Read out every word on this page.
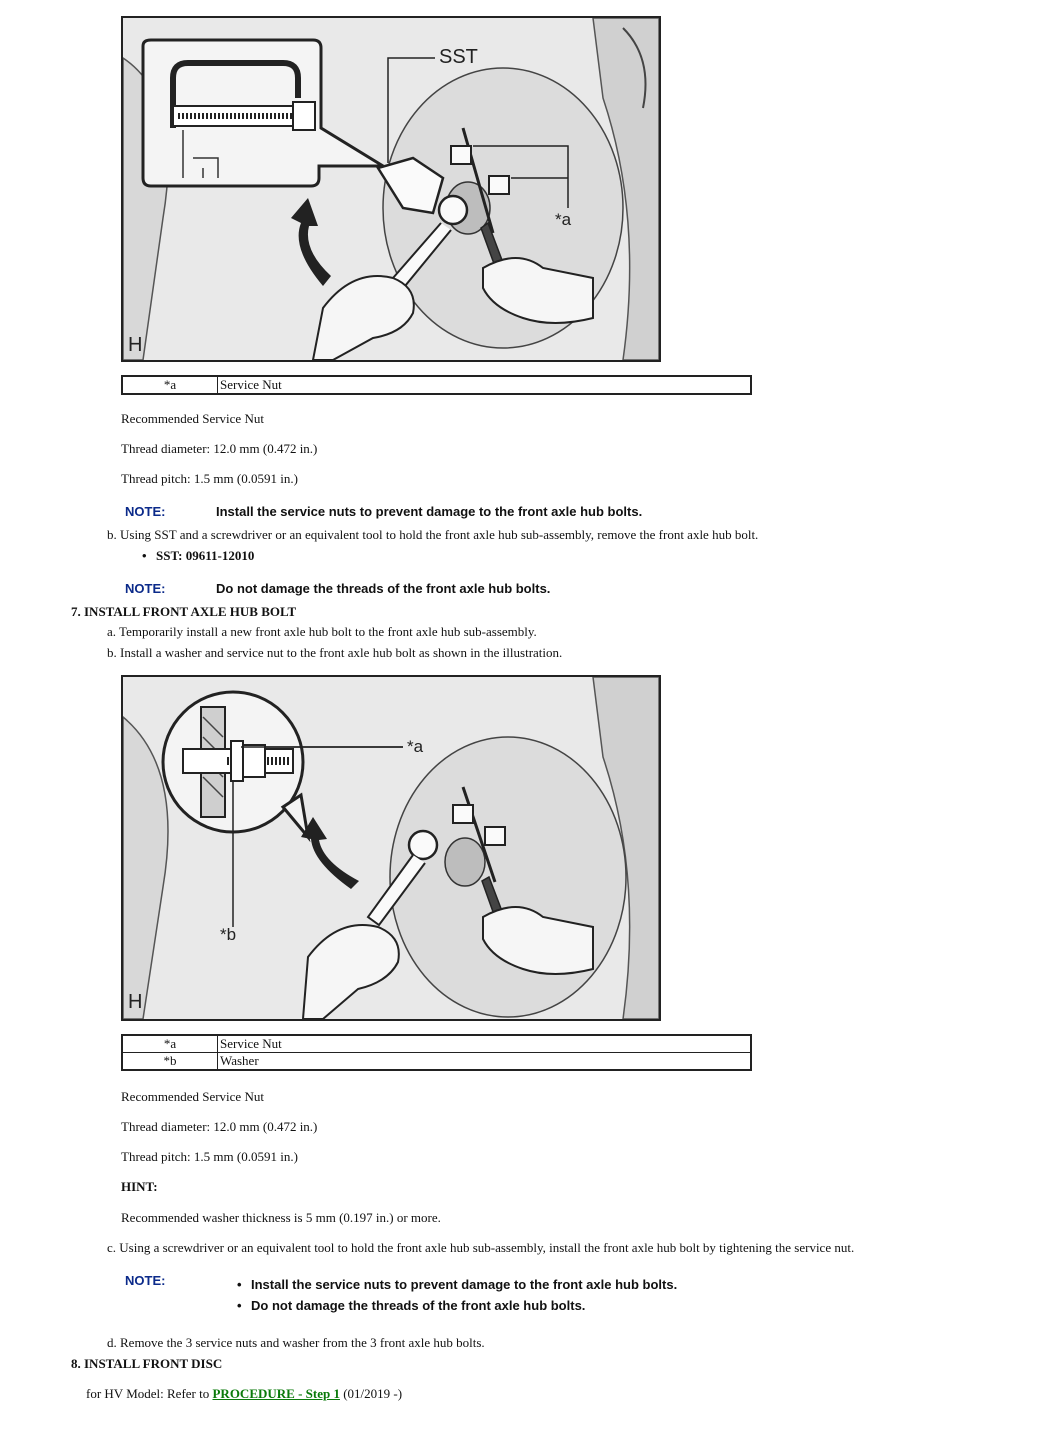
SST
*a
H
*a	Service Nut
Recommended Service Nut
Thread diameter: 12.0 mm (0.472 in.)
Thread pitch: 1.5 mm (0.0591 in.)
NOTE:	Install the service nuts to prevent damage to the front axle hub bolts.
b. Using SST and a screwdriver or an equivalent tool to hold the front axle hub sub-assembly, remove the front axle hub bolt.
• SST: 09611-12010
NOTE:	Do not damage the threads of the front axle hub bolts.
7. INSTALL FRONT AXLE HUB BOLT
a. Temporarily install a new front axle hub bolt to the front axle hub sub-assembly.
b. Install a washer and service nut to the front axle hub bolt as shown in the illustration.
*a
*b
H
*a	Service Nut
*b	Washer
Recommended Service Nut
Thread diameter: 12.0 mm (0.472 in.)
Thread pitch: 1.5 mm (0.0591 in.)
HINT:
Recommended washer thickness is 5 mm (0.197 in.) or more.
c. Using a screwdriver or an equivalent tool to hold the front axle hub sub-assembly, install the front axle hub bolt by tightening the service nut.
NOTE:	• Install the service nuts to prevent damage to the front axle hub bolts.
• Do not damage the threads of the front axle hub bolts.
d. Remove the 3 service nuts and washer from the 3 front axle hub bolts.
8. INSTALL FRONT DISC
for HV Model: Refer to PROCEDURE - Step 1 (01/2019 -)
